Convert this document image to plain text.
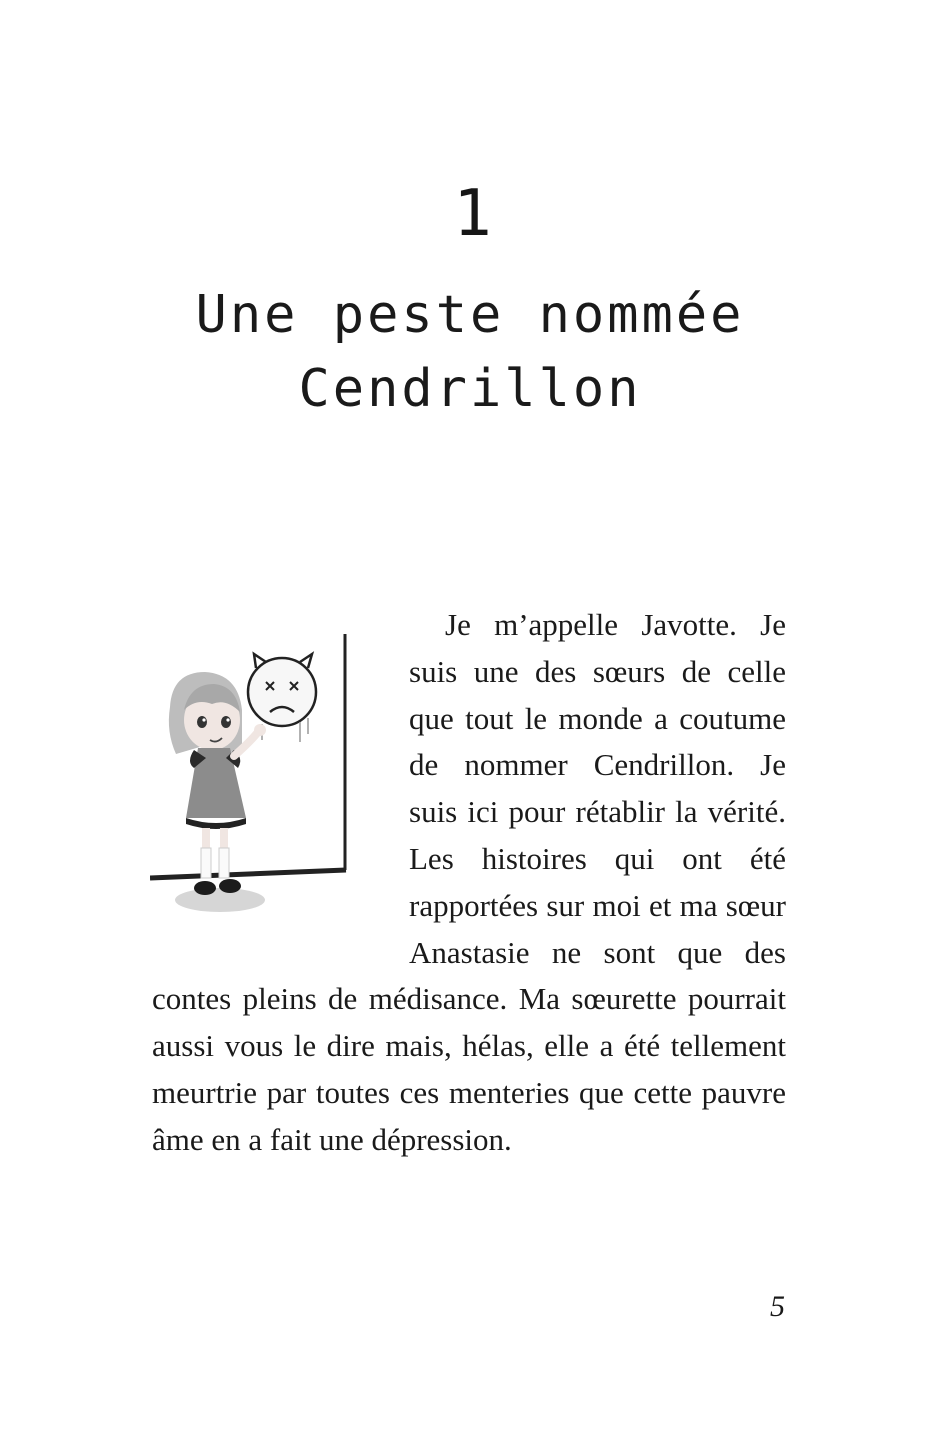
1
Une peste nommée Cendrillon

Je m’appelle Javotte. Je suis une des sœurs de celle que tout le monde a coutume de nommer Cendrillon. Je suis ici pour rétablir la vérité. Les histoires qui ont été rapportées sur moi et ma sœur Anastasie ne sont que des contes pleins de médisance. Ma sœurette pourrait aussi vous le dire mais, hélas, elle a été tellement meurtrie par toutes ces menteries que cette pauvre âme en a fait une dépression.

5
